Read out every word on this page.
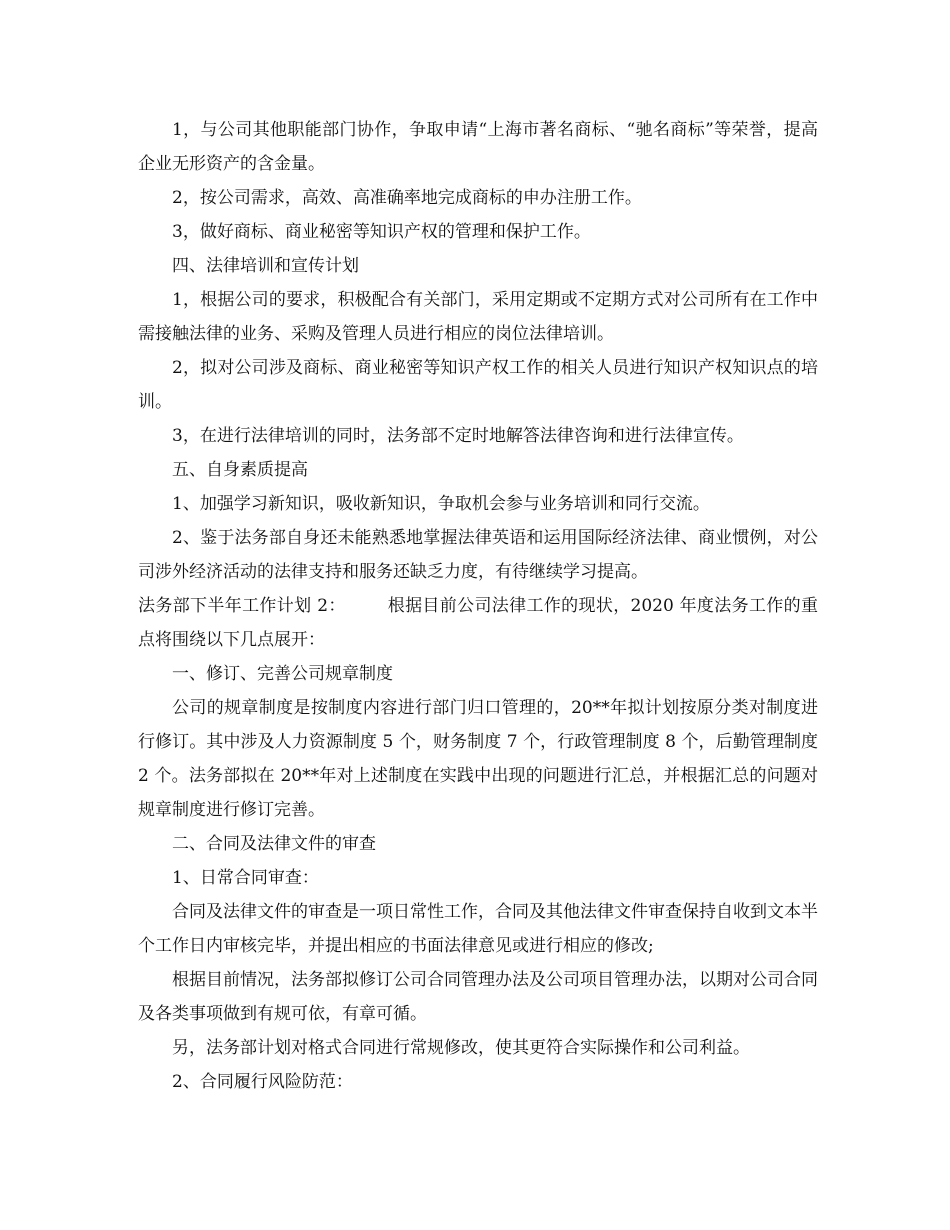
1，与公司其他职能部门协作，争取申请“上海市著名商标、“驰名商标”等荣誉，提高企业无形资产的含金量。

2，按公司需求，高效、高准确率地完成商标的申办注册工作。

3，做好商标、商业秘密等知识产权的管理和保护工作。

四、法律培训和宣传计划

1，根据公司的要求，积极配合有关部门，采用定期或不定期方式对公司所有在工作中需接触法律的业务、采购及管理人员进行相应的岗位法律培训。

2，拟对公司涉及商标、商业秘密等知识产权工作的相关人员进行知识产权知识点的培训。

3，在进行法律培训的同时，法务部不定时地解答法律咨询和进行法律宣传。

五、自身素质提高

1、加强学习新知识，吸收新知识，争取机会参与业务培训和同行交流。

2、鉴于法务部自身还未能熟悉地掌握法律英语和运用国际经济法律、商业惯例，对公司涉外经济活动的法律支持和服务还缺乏力度，有待继续学习提高。

法务部下半年工作计划 2： 根据目前公司法律工作的现状，2020 年度法务工作的重点将围绕以下几点展开：

一、修订、完善公司规章制度

公司的规章制度是按制度内容进行部门归口管理的，20**年拟计划按原分类对制度进行修订。其中涉及人力资源制度 5 个，财务制度 7 个，行政管理制度 8 个，后勤管理制度 2 个。法务部拟在 20**年对上述制度在实践中出现的问题进行汇总，并根据汇总的问题对规章制度进行修订完善。

二、合同及法律文件的审查

1、日常合同审查：

合同及法律文件的审查是一项日常性工作，合同及其他法律文件审查保持自收到文本半个工作日内审核完毕，并提出相应的书面法律意见或进行相应的修改;

根据目前情况，法务部拟修订公司合同管理办法及公司项目管理办法，以期对公司合同及各类事项做到有规可依，有章可循。

另，法务部计划对格式合同进行常规修改，使其更符合实际操作和公司利益。

2、合同履行风险防范：
